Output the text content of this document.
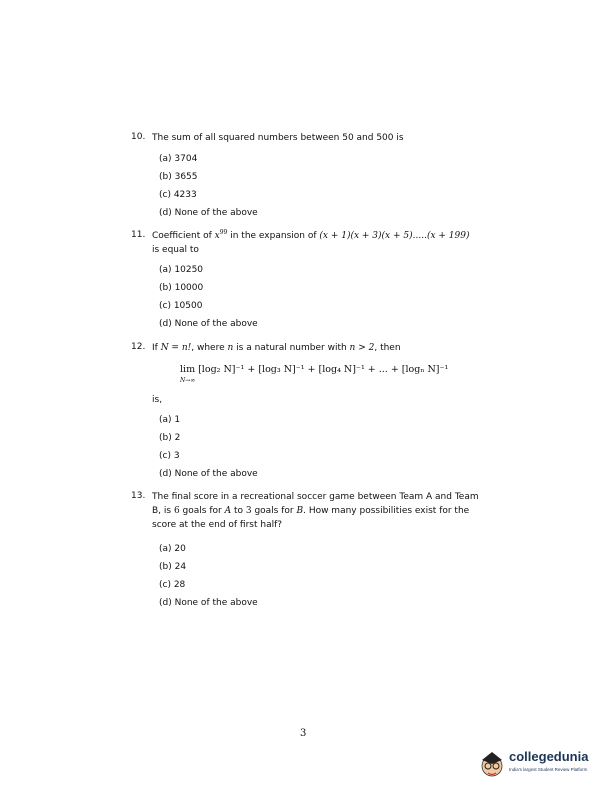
10. The sum of all squared numbers between 50 and 500 is
(a) 3704
(b) 3655
(c) 4233
(d) None of the above
11. Coefficient of $x^{99}$ in the expansion of (x + 1)(x + 3)(x + 5).....(x + 199)
is equal to
(a) 10250
(b) 10000
(c) 10500
(d) None of the above
12. If N = n!, where n is a natural number with n > 2, then
lim [log₂ N]⁻¹ + [log₃ N]⁻¹ + [log₄ N]⁻¹ + ... + [logₙ N]⁻¹
N→∞
is,
(a) 1
(b) 2
(c) 3
(d) None of the above
13. The final score in a recreational soccer game between Team A and Team
B, is 6 goals for A to 3 goals for B. How many possibilities exist for the
score at the end of first half?
(a) 20
(b) 24
(c) 28
(d) None of the above
3
collegedunia
India's largest Student Review Platform
